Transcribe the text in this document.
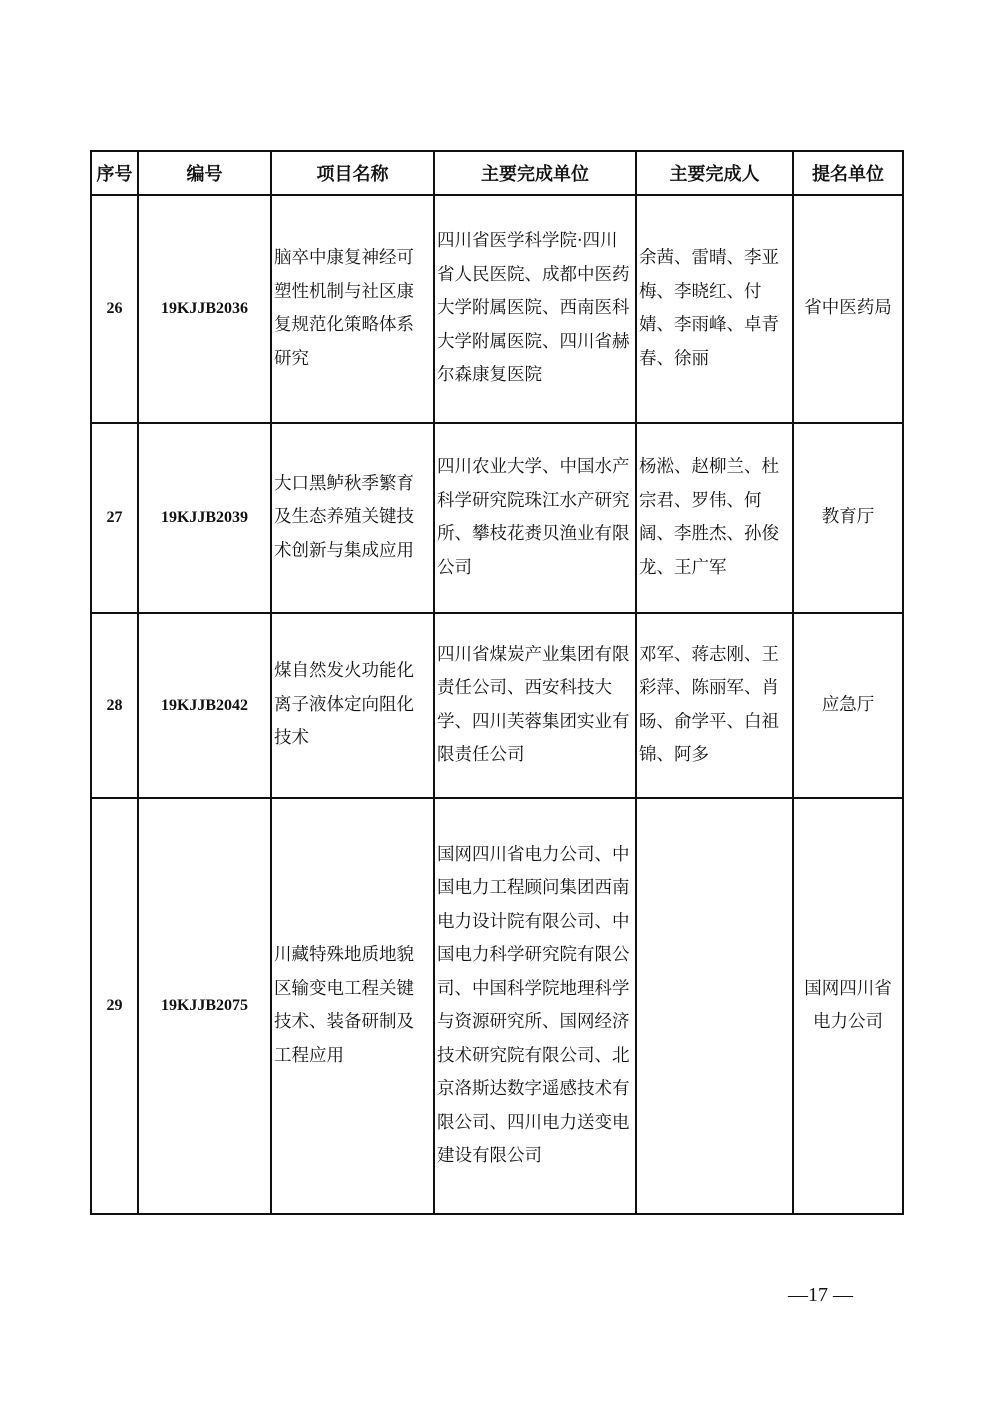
序号	编号	项目名称	主要完成单位	主要完成人	提名单位
26	19KJJB2036	脑卒中康复神经可塑性机制与社区康复规范化策略体系研究	四川省医学科学院·四川省人民医院、成都中医药大学附属医院、西南医科大学附属医院、四川省赫尔森康复医院	余茜、雷晴、李亚梅、李晓红、付婧、李雨峰、卓青春、徐丽	省中医药局
27	19KJJB2039	大口黑鲈秋季繁育及生态养殖关键技术创新与集成应用	四川农业大学、中国水产科学研究院珠江水产研究所、攀枝花赉贝渔业有限公司	杨淞、赵柳兰、杜宗君、罗伟、何阔、李胜杰、孙俊龙、王广军	教育厅
28	19KJJB2042	煤自然发火功能化离子液体定向阻化技术	四川省煤炭产业集团有限责任公司、西安科技大学、四川芙蓉集团实业有限责任公司	邓军、蒋志刚、王彩萍、陈丽军、肖旸、俞学平、白祖锦、阿多	应急厅
29	19KJJB2075	川藏特殊地质地貌区输变电工程关键技术、装备研制及工程应用	国网四川省电力公司、中国电力工程顾问集团西南电力设计院有限公司、中国电力科学研究院有限公司、中国科学院地理科学与资源研究所、国网经济技术研究院有限公司、北京洛斯达数字遥感技术有限公司、四川电力送变电建设有限公司		国网四川省电力公司
—17 —
